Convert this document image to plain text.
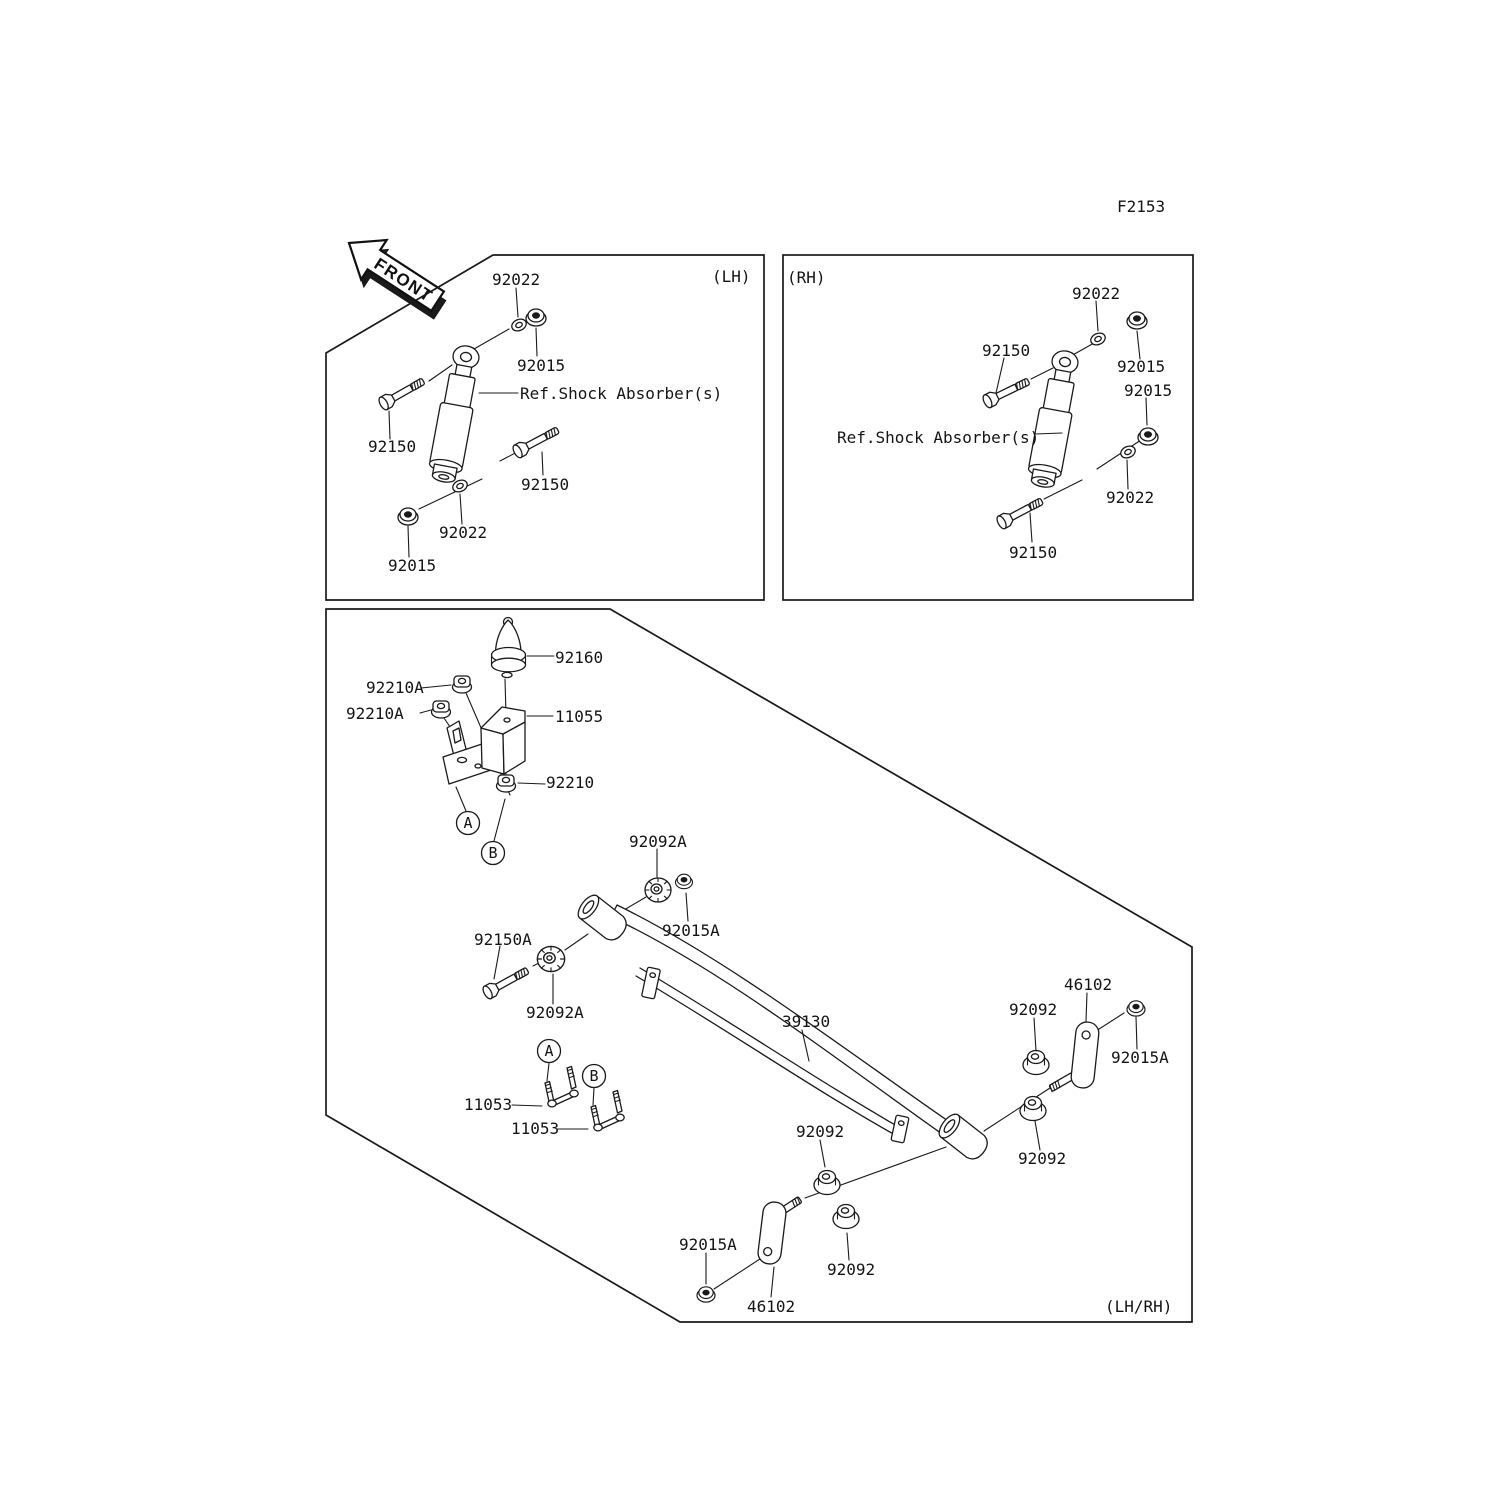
F2153
FRONT	(LH)
92022
92015
Ref.Shock Absorber(s)
92150
92150
92022
92015
(RH)
92022
92150
92015
92015
Ref.Shock Absorber(s)
92022
92150
A
B
A
B
92160
92210A
92210A	11055
92210
92092A
92015A
92150A
92092A	39130
11053
11053
92092
46102
92015A
92092
92092
92092
92015A
46102	(LH/RH)
